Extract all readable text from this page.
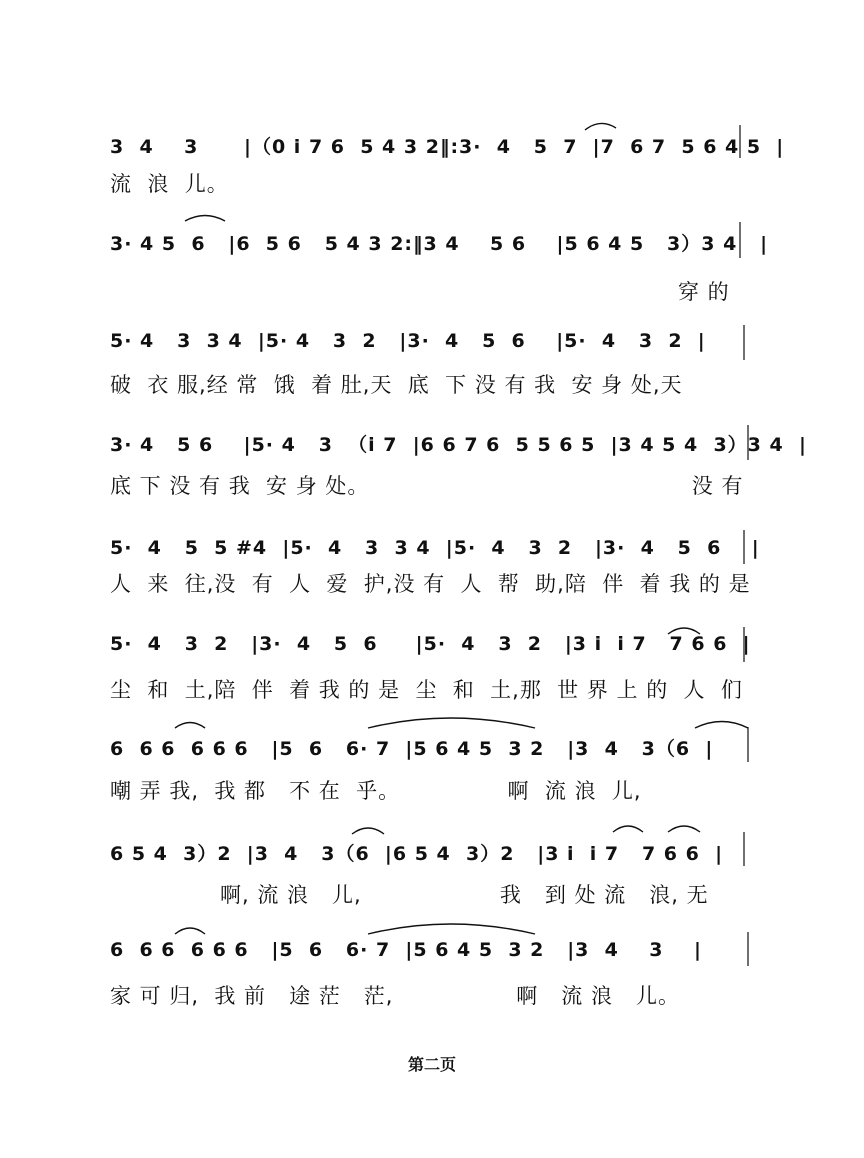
3  4    3      |（0 i 7 6  5 4 3 2‖:3·  4   5  7  |7  6 7  5 6 4 5  |
流  浪  儿。
3· 4 5  6   |6  5 6   5 4 3 2:‖3 4    5 6    |5 6 4 5   3）3 4   |
穿 的
5· 4   3  3 4  |5· 4   3  2   |3·  4   5  6    |5·  4   3  2  |
破  衣 服,经 常  饿  着 肚,天  底  下 没 有 我  安 身 处,天
3· 4   5 6    |5· 4   3  （i 7  |6 6 7 6  5 5 6 5  |3 4 5 4  3）3 4  |
底 下 没 有 我  安 身 处。                                          没 有
5·  4   5  5 #4  |5·  4   3  3 4  |5·  4   3  2   |3·  4   5  6    |
人  来  往,没  有  人  爱  护,没 有  人  帮  助,陪  伴  着 我 的 是
5·  4   3  2   |3·  4   5  6     |5·  4   3  2   |3 i  i 7   7 6 6  |
尘  和  土,陪  伴  着 我 的 是  尘  和  土,那  世 界 上 的  人  们
6  6 6  6 6 6   |5  6   6· 7  |5 6 4 5  3 2   |3  4   3（6  |
嘲 弄 我,  我 都   不 在  乎。              啊  流 浪  儿,
6 5 4  3）2  |3  4   3（6  |6 5 4  3）2   |3 i  i 7   7 6 6  |
啊, 流 浪   儿,                  我   到 处 流   浪, 无
6  6 6  6 6 6   |5  6   6· 7  |5 6 4 5  3 2   |3  4    3    |
家 可 归,  我 前   途 茫   茫,                啊   流 浪   儿。
第二页
